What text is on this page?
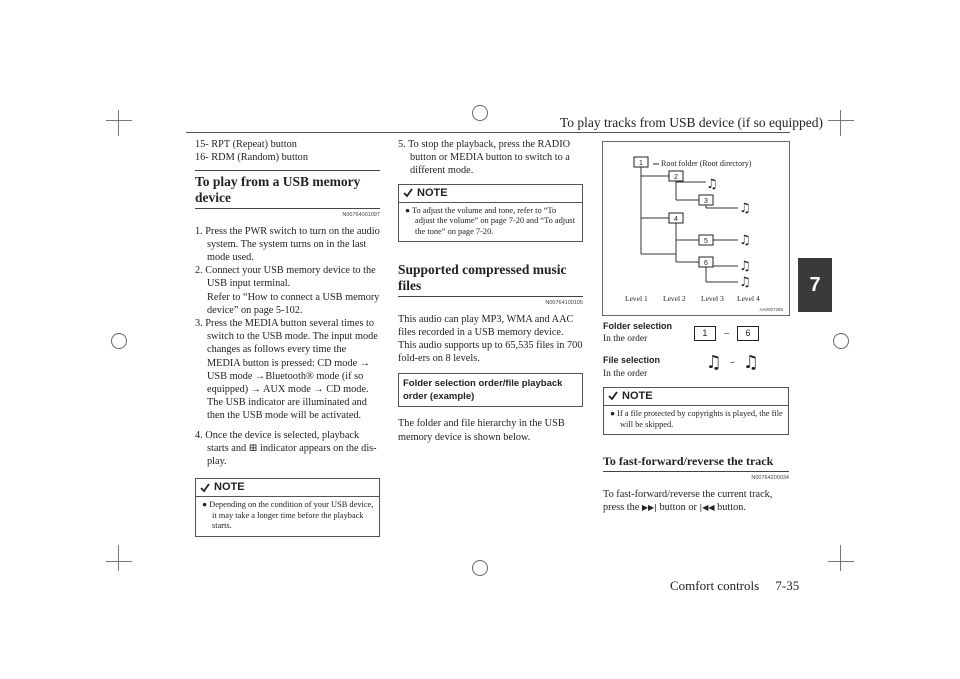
To play tracks from USB device (if so equipped)
7
Comfort controls     7-35

15- RPT (Repeat) button

16- RDM (Random) button

To play from a USB memory device
N00764001097

1. Press the PWR switch to turn on the audio system. The system turns on in the last mode used.

2. Connect your USB memory device to the USB input terminal.

Refer to “How to connect a USB memory device” on page 5-102.

3. Press the MEDIA button several times to switch to the USB mode. The input mode changes as follows every time the MEDIA button is pressed: CD mode → USB mode →Bluetooth® mode (if so equipped) → AUX mode → CD mode.

The USB indicator are illuminated and then the USB mode will be activated.

4. Once the device is selected, playback starts and ⊞ indicator appears on the dis-play.

NOTE
● Depending on the condition of your USB device, it may take a longer time before the playback starts.

5. To stop the playback, press the RADIO button or MEDIA button to switch to a different mode.

NOTE
● To adjust the volume and tone, refer to “To adjust the volume” on page 7-20 and “To adjust the tone” on page 7-20.
Supported compressed music files
N00764100105

This audio can play MP3, WMA and AAC files recorded in a USB memory device. This audio supports up to 65,535 files in 700 fold-ers on 8 levels.

Folder selection order/file playback order (example)

The folder and file hierarchy in the USB memory device is shown below.

1
2
3
4
5
6
♫
♫
♫
♫
♫
Root folder (Root directory)
Level 1 Level 2 Level 3 Level 4
AA0007288
Folder selection
In the order
1	–	6
File selection
In the order
♫ – ♫
NOTE
● If a file protected by copyrights is played, the file will be skipped.
To fast-forward/reverse the track
N00764200034

To fast-forward/reverse the current track,

press the ▶▶| button or |◀◀ button.
